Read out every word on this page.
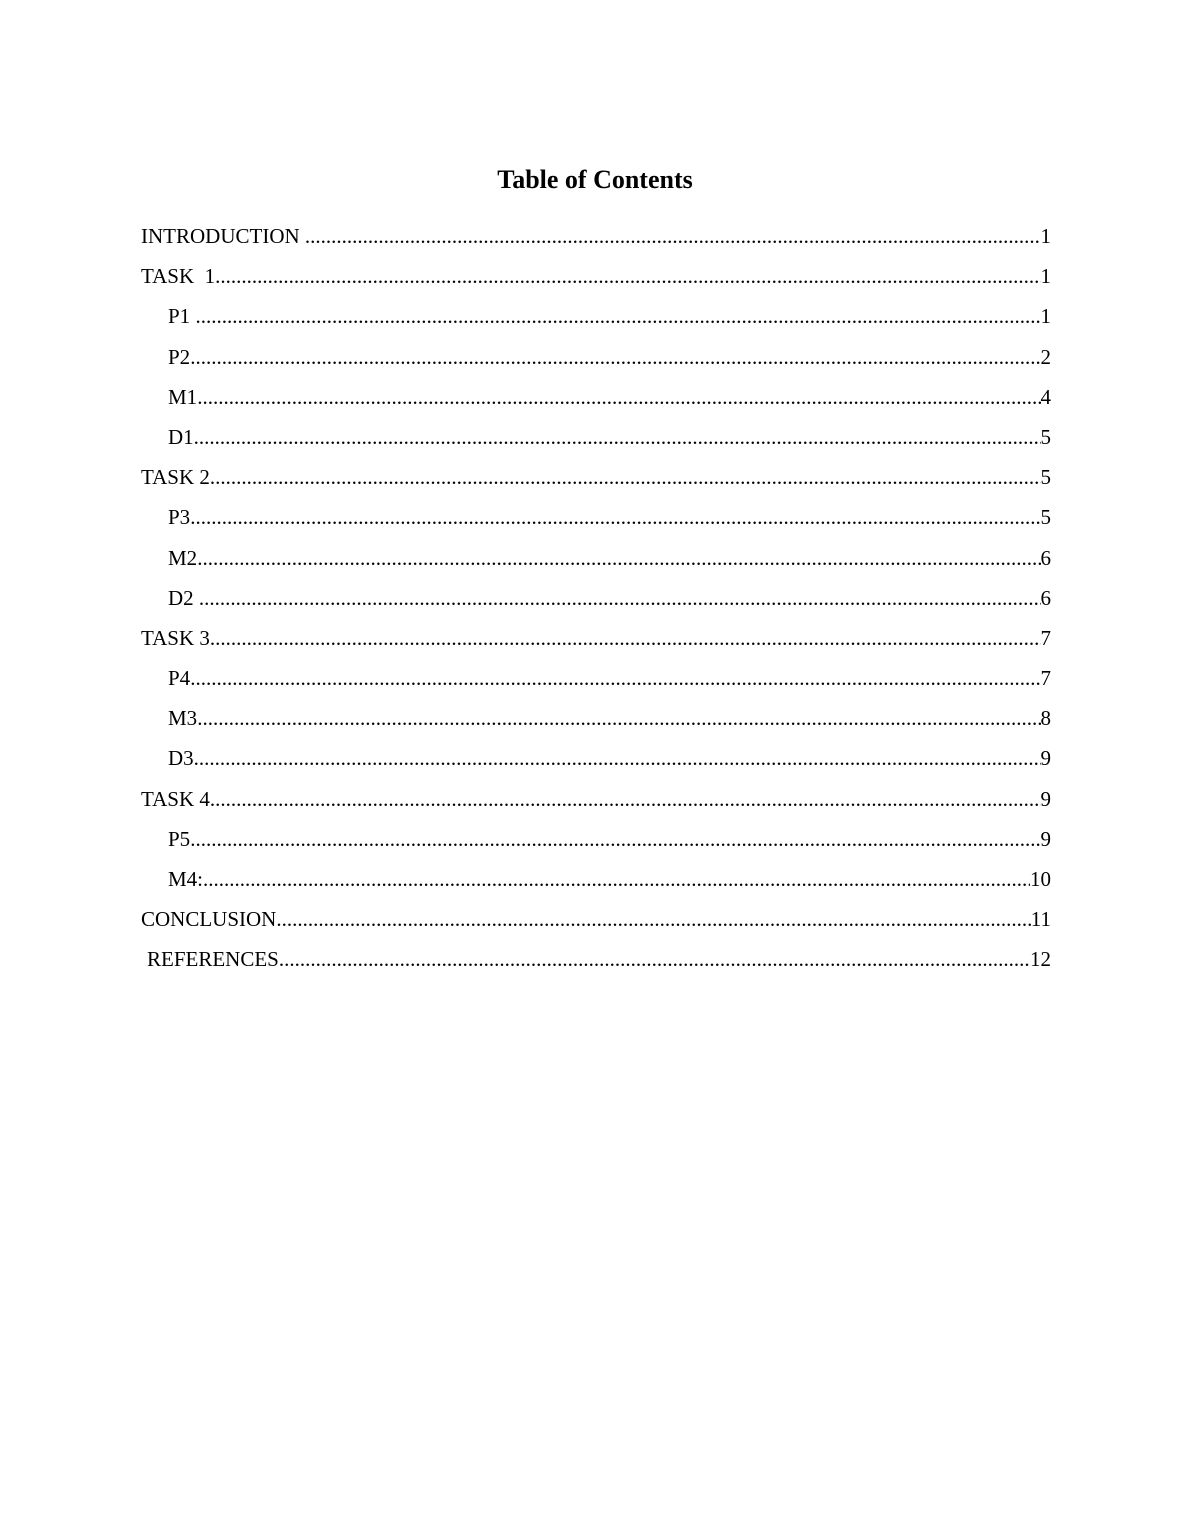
Table of Contents
INTRODUCTION .....	1
TASK  1 .....	1
P1 .....	1
P2 .....	2
M1 .....	4
D1 .....	5
TASK 2 .....	5
P3 .....	5
M2 .....	6
D2 .....	6
TASK 3 .....	7
P4 .....	7
M3 .....	8
D3 .....	9
TASK 4 .....	9
P5 .....	9
M4: .....	10
CONCLUSION .....	11
REFERENCES .....	12
